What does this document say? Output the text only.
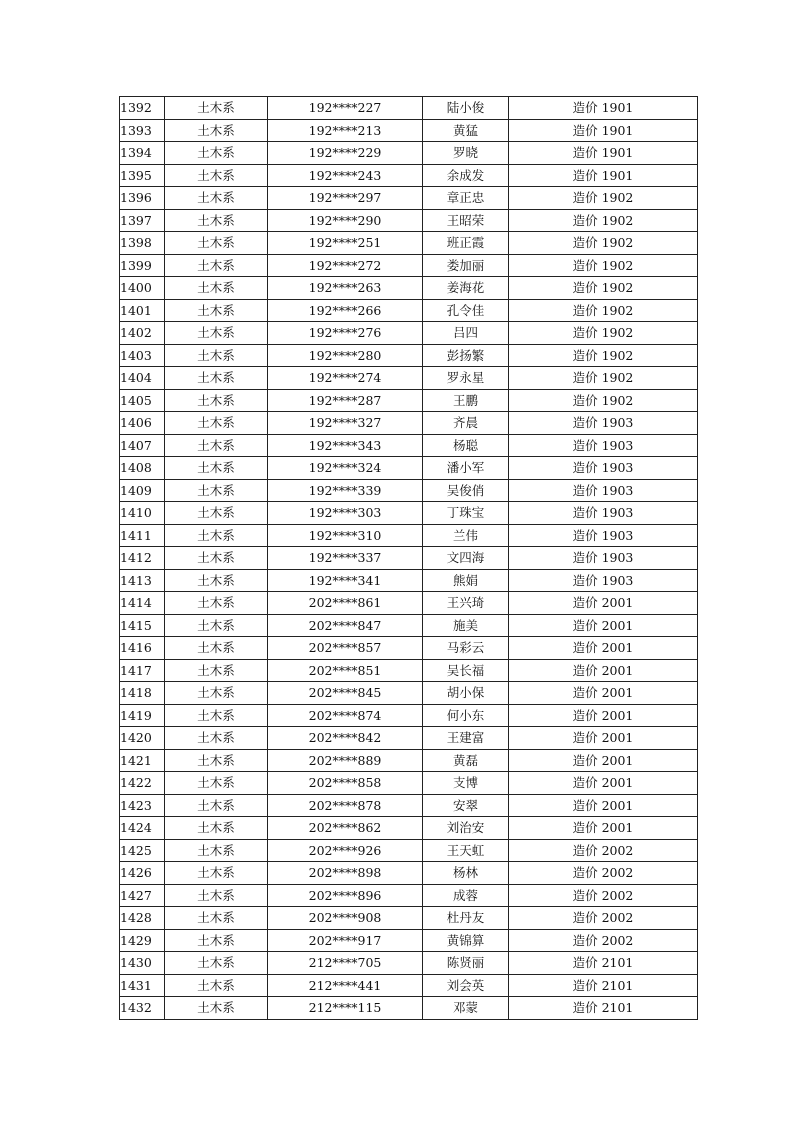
1392	土木系	192****227	陆小俊	造价 1901
1393	土木系	192****213	黄猛	造价 1901
1394	土木系	192****229	罗晓	造价 1901
1395	土木系	192****243	余成发	造价 1901
1396	土木系	192****297	章正忠	造价 1902
1397	土木系	192****290	王昭荣	造价 1902
1398	土木系	192****251	班正霞	造价 1902
1399	土木系	192****272	娄加丽	造价 1902
1400	土木系	192****263	姜海花	造价 1902
1401	土木系	192****266	孔令佳	造价 1902
1402	土木系	192****276	吕四	造价 1902
1403	土木系	192****280	彭扬繁	造价 1902
1404	土木系	192****274	罗永星	造价 1902
1405	土木系	192****287	王鹏	造价 1902
1406	土木系	192****327	齐晨	造价 1903
1407	土木系	192****343	杨聪	造价 1903
1408	土木系	192****324	潘小军	造价 1903
1409	土木系	192****339	吴俊俏	造价 1903
1410	土木系	192****303	丁珠宝	造价 1903
1411	土木系	192****310	兰伟	造价 1903
1412	土木系	192****337	文四海	造价 1903
1413	土木系	192****341	熊娟	造价 1903
1414	土木系	202****861	王兴琦	造价 2001
1415	土木系	202****847	施美	造价 2001
1416	土木系	202****857	马彩云	造价 2001
1417	土木系	202****851	吴长福	造价 2001
1418	土木系	202****845	胡小保	造价 2001
1419	土木系	202****874	何小东	造价 2001
1420	土木系	202****842	王建富	造价 2001
1421	土木系	202****889	黄磊	造价 2001
1422	土木系	202****858	支博	造价 2001
1423	土木系	202****878	安翠	造价 2001
1424	土木系	202****862	刘治安	造价 2001
1425	土木系	202****926	王天虹	造价 2002
1426	土木系	202****898	杨林	造价 2002
1427	土木系	202****896	成蓉	造价 2002
1428	土木系	202****908	杜丹友	造价 2002
1429	土木系	202****917	黄锦算	造价 2002
1430	土木系	212****705	陈贤丽	造价 2101
1431	土木系	212****441	刘会英	造价 2101
1432	土木系	212****115	邓蒙	造价 2101
